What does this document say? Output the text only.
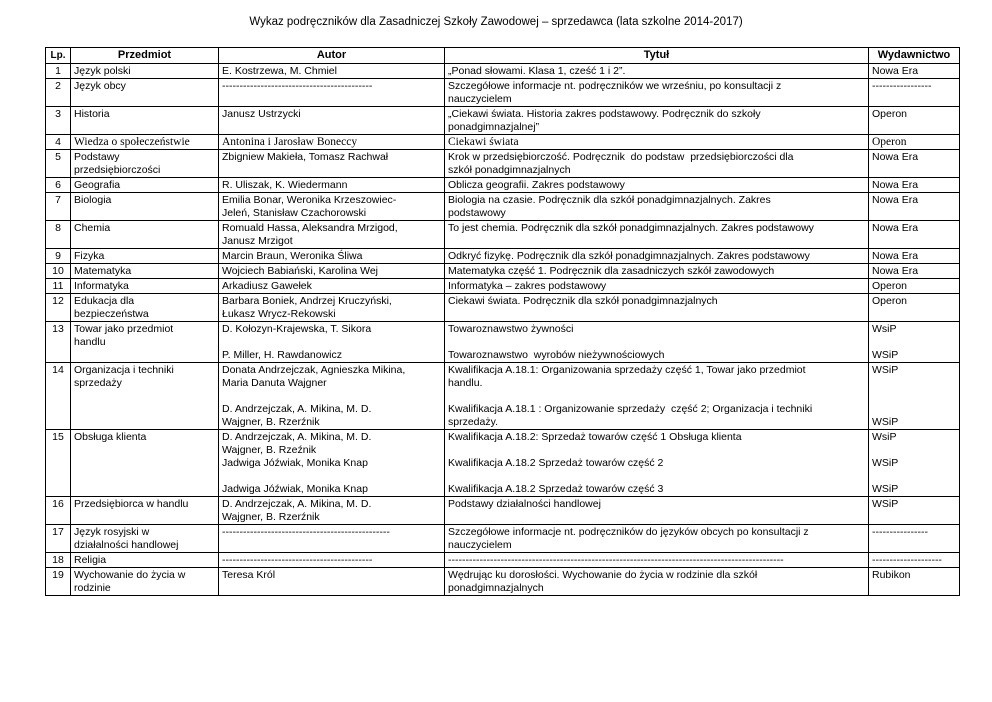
Wykaz podręczników dla Zasadniczej Szkoły Zawodowej – sprzedawca (lata szkolne 2014-2017)
Lp.	Przedmiot	Autor	Tytuł	Wydawnictwo
1	Język polski	E. Kostrzewa, M. Chmiel	„Ponad słowami. Klasa 1, cześć 1 i 2”.	Nowa Era

2	Język obcy	-------------------------------------------	Szczegółowe informacje nt. podręczników we wrześniu, po konsultacji z
nauczycielem	-----------------

3	Historia	Janusz Ustrzycki	„Ciekawi świata. Historia zakres podstawowy. Podręcznik do szkoły
ponadgimnazjalnej”	Operon

4	Wiedza o społeczeństwie	Antonina i Jarosław Boneccy	Ciekawi świata	Operon

5	Podstawy
przedsiębiorczości	Zbigniew Makieła, Tomasz Rachwał	Krok w przedsiębiorczość. Podręcznik  do podstaw  przedsiębiorczości dla
szkół ponadgimnazjalnych	Nowa Era

6	Geografia	R. Uliszak, K. Wiedermann	Oblicza geografii. Zakres podstawowy	Nowa Era

7	Biologia	Emilia Bonar, Weronika Krzeszowiec-
Jeleń, Stanisław Czachorowski	Biologia na czasie. Podręcznik dla szkół ponadgimnazjalnych. Zakres
podstawowy	Nowa Era

8	Chemia	Romuald Hassa, Aleksandra Mrzigod,
Janusz Mrzigot	To jest chemia. Podręcznik dla szkół ponadgimnazjalnych. Zakres podstawowy	Nowa Era

9	Fizyka	Marcin Braun, Weronika Śliwa	Odkryć fizykę. Podręcznik dla szkół ponadgimnazjalnych. Zakres podstawowy	Nowa Era

10	Matematyka	Wojciech Babiański, Karolina Wej	Matematyka część 1. Podręcznik dla zasadniczych szkół zawodowych	Nowa Era

11	Informatyka	Arkadiusz Gawełek	Informatyka – zakres podstawowy	Operon

12	Edukacja dla
bezpieczeństwa	Barbara Boniek, Andrzej Kruczyński,
Łukasz Wrycz-Rekowski	Ciekawi świata. Podręcznik dla szkół ponadgimnazjalnych	Operon

13	Towar jako przedmiot
handlu	D. Kołozyn-Krajewska, T. Sikora

P. Miller, H. Rawdanowicz	Towaroznawstwo żywności

Towaroznawstwo  wyrobów nieżywnościowych	WsiP

WSiP

14	Organizacja i techniki
sprzedaży	Donata Andrzejczak, Agnieszka Mikina,
Maria Danuta Wajgner

D. Andrzejczak, A. Mikina, M. D.
Wajgner, B. Rzerźnik	Kwalifikacja A.18.1: Organizowania sprzedaży część 1, Towar jako przedmiot
handlu.

Kwalifikacja A.18.1 : Organizowanie sprzedaży  część 2; Organizacja i techniki
sprzedaży.	WSiP

WSiP

15	Obsługa klienta	D. Andrzejczak, A. Mikina, M. D.
Wajgner, B. Rzeźnik
Jadwiga Jóźwiak, Monika Knap

Jadwiga Jóźwiak, Monika Knap	Kwalifikacja A.18.2: Sprzedaż towarów część 1 Obsługa klienta

Kwalifikacja A.18.2 Sprzedaż towarów część 2

Kwalifikacja A.18.2 Sprzedaż towarów część 3	WsiP

WSiP

WSiP

16	Przedsiębiorca w handlu	D. Andrzejczak, A. Mikina, M. D.
Wajgner, B. Rzerźnik	Podstawy działalności handlowej	WSiP

17	Język rosyjski w
działalności handlowej	------------------------------------------------	Szczegółowe informacje nt. podręczników do języków obcych po konsultacji z
nauczycielem	----------------

18	Religia	-------------------------------------------	------------------------------------------------------------------------------------------------	--------------------

19	Wychowanie do życia w
rodzinie	Teresa Król	Wędrując ku dorosłości. Wychowanie do życia w rodzinie dla szkół
ponadgimnazjalnych	Rubikon
